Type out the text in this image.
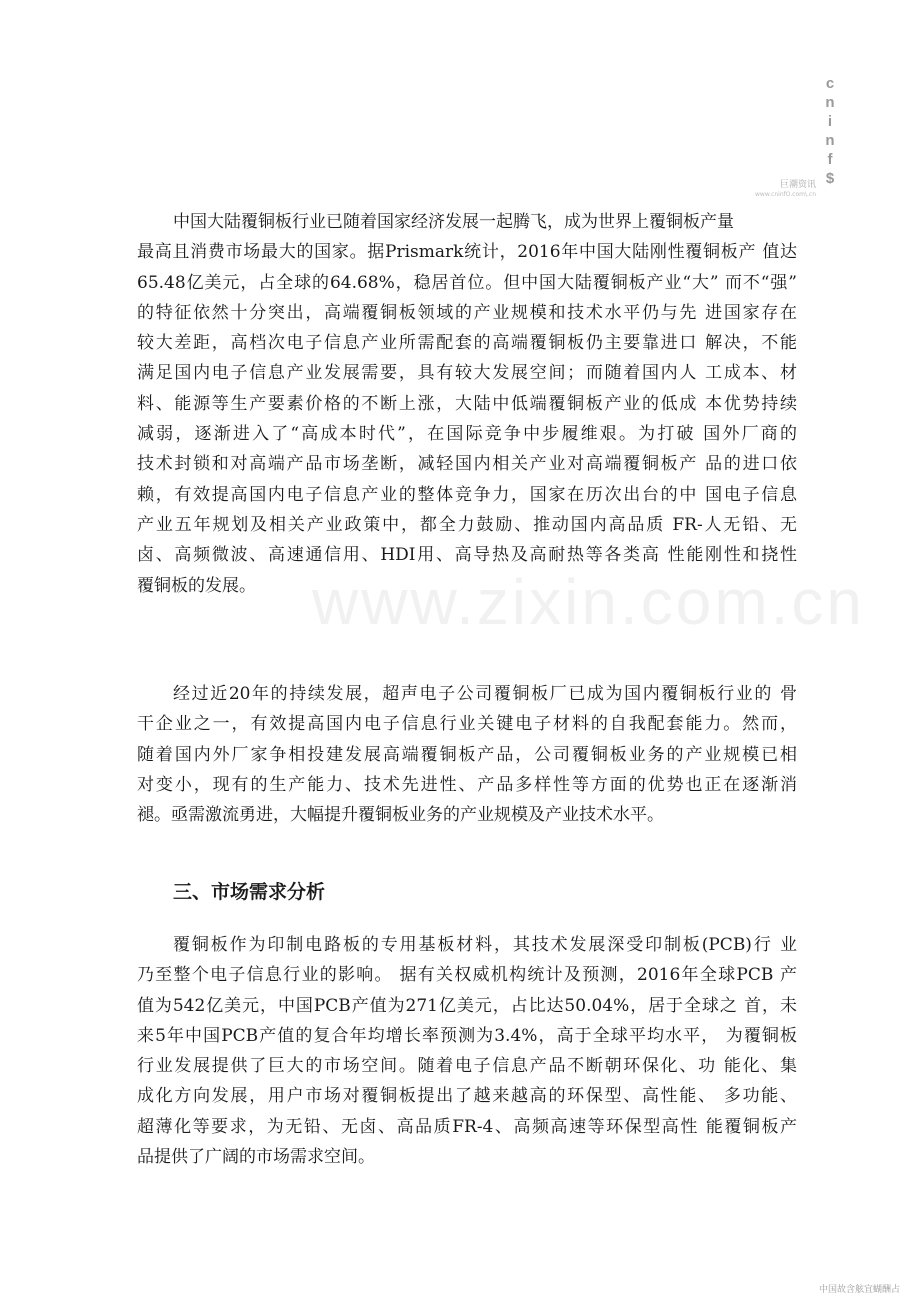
c
n
i
n
f
$
巨潮资讯
www.cninfO.com\.cn
www.zixin.com.cn
中国大陆覆铜板行业已随着国家经济发展一起腾飞，成为世界上覆铜板产量
最高且消费市场最大的国家。据Prismark统计，2016年中国大陆刚性覆铜板产 值达
65.48亿美元，占全球的64.68%，稳居首位。但中国大陆覆铜板产业“大” 而不“强”
的特征依然十分突出，高端覆铜板领域的产业规模和技术水平仍与先 进国家存在
较大差距，高档次电子信息产业所需配套的高端覆铜板仍主要靠进口 解决，不能
满足国内电子信息产业发展需要，具有较大发展空间；而随着国内人 工成本、材
料、能源等生产要素价格的不断上涨，大陆中低端覆铜板产业的低成 本优势持续
减弱，逐渐进入了“高成本时代”，在国际竞争中步履维艰。为打破 国外厂商的
技术封锁和对高端产品市场垄断，减轻国内相关产业对高端覆铜板产 品的进口依
赖，有效提高国内电子信息产业的整体竞争力，国家在历次出台的中 国电子信息
产业五年规划及相关产业政策中，都全力鼓励、推动国内高品质 FR-人无铅、无
卤、高频微波、高速通信用、HDI用、高导热及高耐热等各类高 性能刚性和挠性
覆铜板的发展。
经过近20年的持续发展，超声电子公司覆铜板厂已成为国内覆铜板行业的 骨
干企业之一，有效提高国内电子信息行业关键电子材料的自我配套能力。然而，
随着国内外厂家争相投建发展高端覆铜板产品，公司覆铜板业务的产业规模已相
对变小，现有的生产能力、技术先进性、产品多样性等方面的优势也正在逐渐消
褪。亟需激流勇进，大幅提升覆铜板业务的产业规模及产业技术水平。
三、市场需求分析
覆铜板作为印制电路板的专用基板材料，其技术发展深受印制板(PCB)行 业
乃至整个电子信息行业的影响。 据有关权威机构统计及预测，2016年全球PCB 产
值为542亿美元，中国PCB产值为271亿美元，占比达50.04%，居于全球之 首，未
来5年中国PCB产值的复合年均增长率预测为3.4%，高于全球平均水平， 为覆铜板
行业发展提供了巨大的市场空间。随着电子信息产品不断朝环保化、功 能化、集
成化方向发展，用户市场对覆铜板提出了越来越高的环保型、高性能、 多功能、
超薄化等要求，为无铅、无卤、高品质FR-4、高频高速等环保型高性 能覆铜板产
品提供了广阔的市场需求空间。
中国故含舷宜蝴酬占
